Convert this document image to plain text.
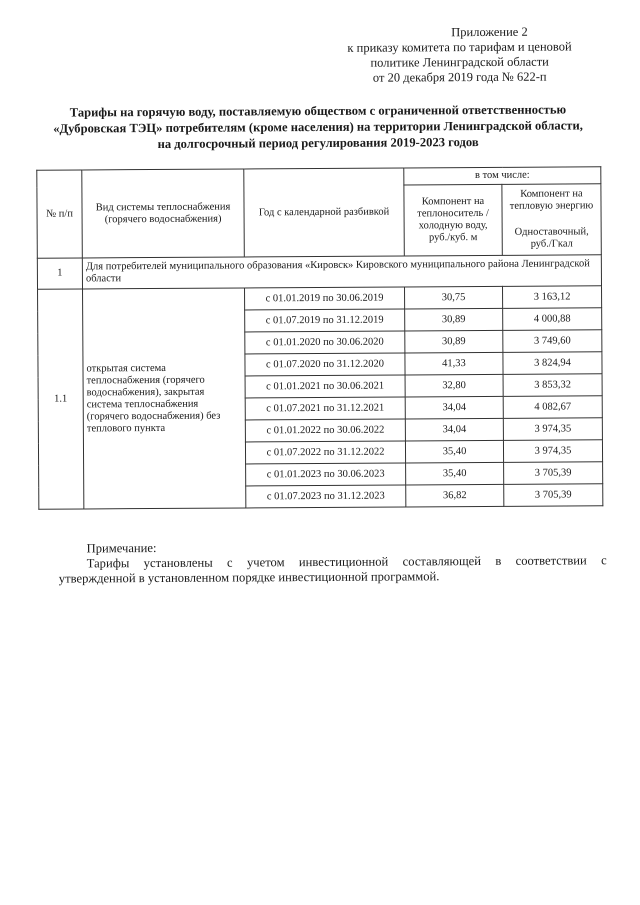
Приложение 2
к приказу комитета по тарифам и ценовой
политике Ленинградской области
от 20 декабря 2019 года № 622-п
Тарифы на горячую воду, поставляемую обществом с ограниченной ответственностью
«Дубровская ТЭЦ» потребителям (кроме населения) на территории Ленинградской области,
на долгосрочный период регулирования 2019-2023 годов
№ п/п	Вид системы теплоснабжения (горячего водоснабжения)	Год с календарной разбивкой	в том числе:	
			Компонент на теплоноситель / холодную воду, руб./куб. м	Компонент на тепловую энергию
Одноставочный, руб./Гкал

1	Для потребителей муниципального образования «Кировск» Кировского муниципального района Ленинградской области			
1.1	открытая система теплоснабжения (горячего водоснабжения), закрытая система теплоснабжения (горячего водоснабжения) без теплового пункта	с 01.01.2019 по 30.06.2019	30,75	3 163,12
		с 01.07.2019 по 31.12.2019	30,89	4 000,88
		с 01.01.2020 по 30.06.2020	30,89	3 749,60
		с 01.07.2020 по 31.12.2020	41,33	3 824,94
		с 01.01.2021 по 30.06.2021	32,80	3 853,32
		с 01.07.2021 по 31.12.2021	34,04	4 082,67
		с 01.01.2022 по 30.06.2022	34,04	3 974,35
		с 01.07.2022 по 31.12.2022	35,40	3 974,35
		с 01.01.2023 по 30.06.2023	35,40	3 705,39
		с 01.07.2023 по 31.12.2023	36,82	3 705,39
Примечание:
Тарифы установлены с учетом инвестиционной составляющей в соответствии с
утвержденной в установленном порядке инвестиционной программой.
